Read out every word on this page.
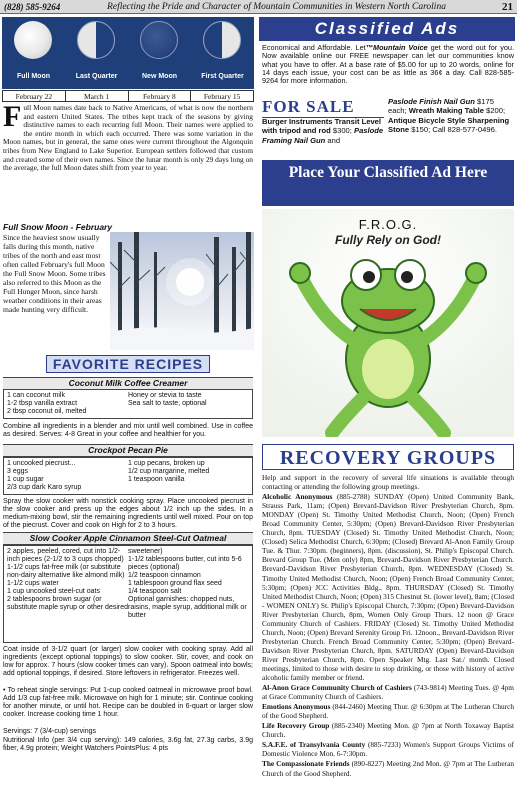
(828) 585-9264	Reflecting the Pride and Character of Mountain Communities in Western North Carolina	21
Full Moon	Last Quarter	New Moon	First Quarter
February 22	March 1	February 8	February 15
Full Moon names date back to Native Americans, of what is now the northern and eastern United States. The tribes kept track of the seasons by giving distinctive names to each recurring full Moon. Their names were applied to the entire month in which each occurred. There was some variation in the Moon names, but in general, the same ones were current throughout the Algonquin tribes from New England to Lake Superior. European settlers followed that custom and created some of their own names. Since the lunar month is only 29 days long on the average, the full Moon dates shift from year to year.
Full Snow Moon - February
Since the heaviest snow usually falls during this month, native tribes of the north and east most often called February's full Moon the Full Snow Moon. Some tribes also referred to this Moon as the Full Hunger Moon, since harsh weather conditions in their areas made hunting very difficult.
Classified Ads
Economical and Affordable. Let™Mountain Voice get the word out for you. Now available online our FREE newspaper can let our communities know what you have to offer. At a base rate of $5.00 for up to 20 words, online for 14 days each issue, your cost can be as little as 36¢ a day. Call 828-585-9264 for more information.
FOR SALE
Burger Instruments Transit Level with tripod and rod $300; Paslode Framing Nail Gun and
Paslode Finish Nail Gun $175 each; Wreath Making Table $200; Antique Bicycle Style Sharpening Stone $150; Call 828-577-0496.
Place Your Classified Ad Here
F.R.O.G.
Fully Rely on God!
FAVORITE RECIPES
Coconut Milk Coffee Creamer
1 can coconut milk
1-2 tbsp vanilla extract
2 tbsp coconut oil, melted
Honey or stevia to taste
Sea salt to taste, optional
Combine all ingredients in a blender and mix until well combined. Use in coffee as desired. Serves: 4-8 Great in your coffee and healthier for you.
Crockpot Pecan Pie
1 uncooked piecrust...
3 eggs
1 cup sugar
2/3 cup dark Karo syrup
1 cup pecans, broken up
1/2 cup margarine, melted
1 teaspoon vanilla
Spray the slow cooker with nonstick cooking spray. Place uncooked piecrust in the slow cooker and press up the edges about 1/2 inch up the sides. In a medium-mixing bowl, stir the remaining ingredients until well mixed. Pour on top of the piecrust. Cover and cook on High for 2 to 3 hours.
Slow Cooker Apple Cinnamon Steel-Cut Oatmeal
2 apples, peeled, cored, cut into 1/2-inch pieces (2-1/2 to 3 cups chopped)
1-1/2 cups fat-free milk (or substitute non-dairy alternative like almond milk)
1-1/2 cups water
1 cup uncooked steel-cut oats
2 tablespoons brown sugar (or substitute maple syrup or other desired
sweetener)
1-1/2 tablespoons butter, cut into 5-6 pieces (optional)
1/2 teaspoon cinnamon
1 tablespoon ground flax seed
1/4 teaspoon salt
Optional garnishes: chopped nuts, raisins, maple syrup, additional milk or butter
Coat inside of 3-1/2 quart (or larger) slow cooker with cooking spray. Add all ingredients (except optional toppings) to slow cooker. Stir, cover, and cook on low for approx. 7 hours (slow cooker times can vary). Spoon oatmeal into bowls; add optional toppings, if desired. Store leftovers in refrigerator. Freezes well.
• To reheat single servings: Put 1-cup cooked oatmeal in microwave proof bowl. Add 1/3 cup fat-free milk. Microwave on high for 1 minute; stir. Continue cooking for another minute, or until hot. Recipe can be doubled in 6-quart or larger slow cooker. Increase cooking time 1 hour.
Servings: 7 (3/4-cup) servings
Nutritional Info (per 3/4 cup serving): 149 calories, 3.6g fat, 27.3g carbs, 3.9g fiber, 4.9g protein; Weight Watchers PointsPlus: 4 pts
RECOVERY GROUPS

Help and support in the recovery of several life situations is available through contacting or attending the following group meetings.

Alcoholic Anonymous (885-2788) SUNDAY (Open) United Community Bank, Strauss Park, 11am; (Open) Brevard-Davidson River Presbyterian Church, 8pm. MONDAY (Open) St. Timothy United Methodist Church, Noon; (Open) French Broad Community Center, 5:30pm; (Open) Brevard-Davidson River Presbyterian Church, 8pm. TUESDAY (Closed) St. Timothy United Methodist Church, Noon; (Closed) Selica Methodist Church, 6:30pm; (Closed) Brevard Al-Anon Family Group Tue. & Thur. 7:30pm. (beginners), 8pm. (discussion), St. Philip's Episcopal Church. Brevard Group Tue. (Men only) 8pm, Brevard-Davidson River Presbyterian Church. Brevard-Davidson River Presbyterian Church, 8pm. WEDNESDAY (Closed) St. Timothy United Methodist Church, Noon; (Open) French Broad Community Center, 5:30pm; (Open) JCC Activities Bldg., 8pm. THURSDAY (Closed) St. Timothy United Methodist Church, Noon; (Open) 315 Chestnut St. (lower level), 8am; (Closed - WOMEN ONLY) St. Philip's Episcopal Church, 7:30pm; (Open) Brevard-Davidson River Presbyterian Church, 8pm, Women Only Group Thurs. 12 noon @ Grace Community Church of Cashiers. FRIDAY (Closed) St. Timothy United Methodist Church, Noon; (Open) Brevard Serenity Group Fri. 12noon., Brevard-Davidson River Presbyterian Church. French Broad Community Center, 5:30pm; (Open) Brevard-Davidson River Presbyterian Church, 8pm. SATURDAY (Open) Brevard-Davidson River Presbyterian Church, 8pm. Open Speaker Mtg. Last Sat./ month. Closed meetings, limited to those with desire to stop drinking, or those with history of active alcoholic family member or friend.

Al-Anon Grace Community Church of Cashiers (743-9814) Meeting Tues. @ 4pm at Grace Community Church of Cashiers.

Emotions Anonymous (844-2460) Meeting Thur. @ 6:30pm at The Lutheran Church of the Good Shepherd.

Life Recovery Group (885-2340) Meeting Mon. @ 7pm at North Toxaway Baptist Church.

S.A.F.E. of Transylvania County (885-7233) Women's Support Groups Victims of Domestic Violence Mon. 6-7:30pm.

The Compassionate Friends (890-8227) Meeting 2nd Mon. @ 7pm at The Lutheran Church of the Good Shepherd.
